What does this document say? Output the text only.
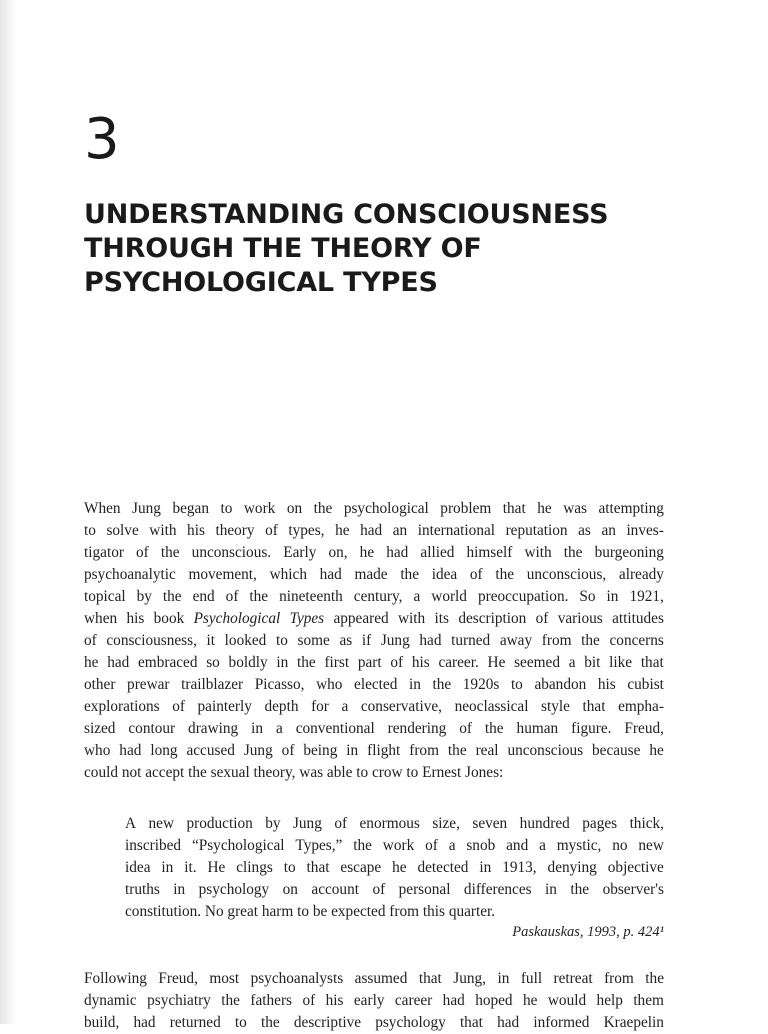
3
UNDERSTANDING CONSCIOUSNESS
THROUGH THE THEORY OF
PSYCHOLOGICAL TYPES
When Jung began to work on the psychological problem that he was attempting
to solve with his theory of types, he had an international reputation as an inves-
tigator of the unconscious. Early on, he had allied himself with the burgeoning
psychoanalytic movement, which had made the idea of the unconscious, already
topical by the end of the nineteenth century, a world preoccupation. So in 1921,
when his book Psychological Types appeared with its description of various attitudes
of consciousness, it looked to some as if Jung had turned away from the concerns
he had embraced so boldly in the first part of his career. He seemed a bit like that
other prewar trailblazer Picasso, who elected in the 1920s to abandon his cubist
explorations of painterly depth for a conservative, neoclassical style that empha-
sized contour drawing in a conventional rendering of the human figure. Freud,
who had long accused Jung of being in flight from the real unconscious because he
could
not
accept
the
sexual
theory,
was
able
to
crow
to
Ernest
Jones:

A new production by Jung of enormous size, seven hundred pages thick,
inscribed “Psychological Types,” the work of a snob and a mystic, no new
idea in it. He clings to that escape he detected in 1913, denying objective
truths in psychology on account of personal differences in the observer's
constitution.
No
great
harm
to
be
expected
from
this
quarter.

Paskauskas, 1993, p. 424¹
Following Freud, most psychoanalysts assumed that Jung, in full retreat from the
dynamic psychiatry the fathers of his early career had hoped he would help them
build, had returned to the descriptive psychology that had informed Kraepelin
